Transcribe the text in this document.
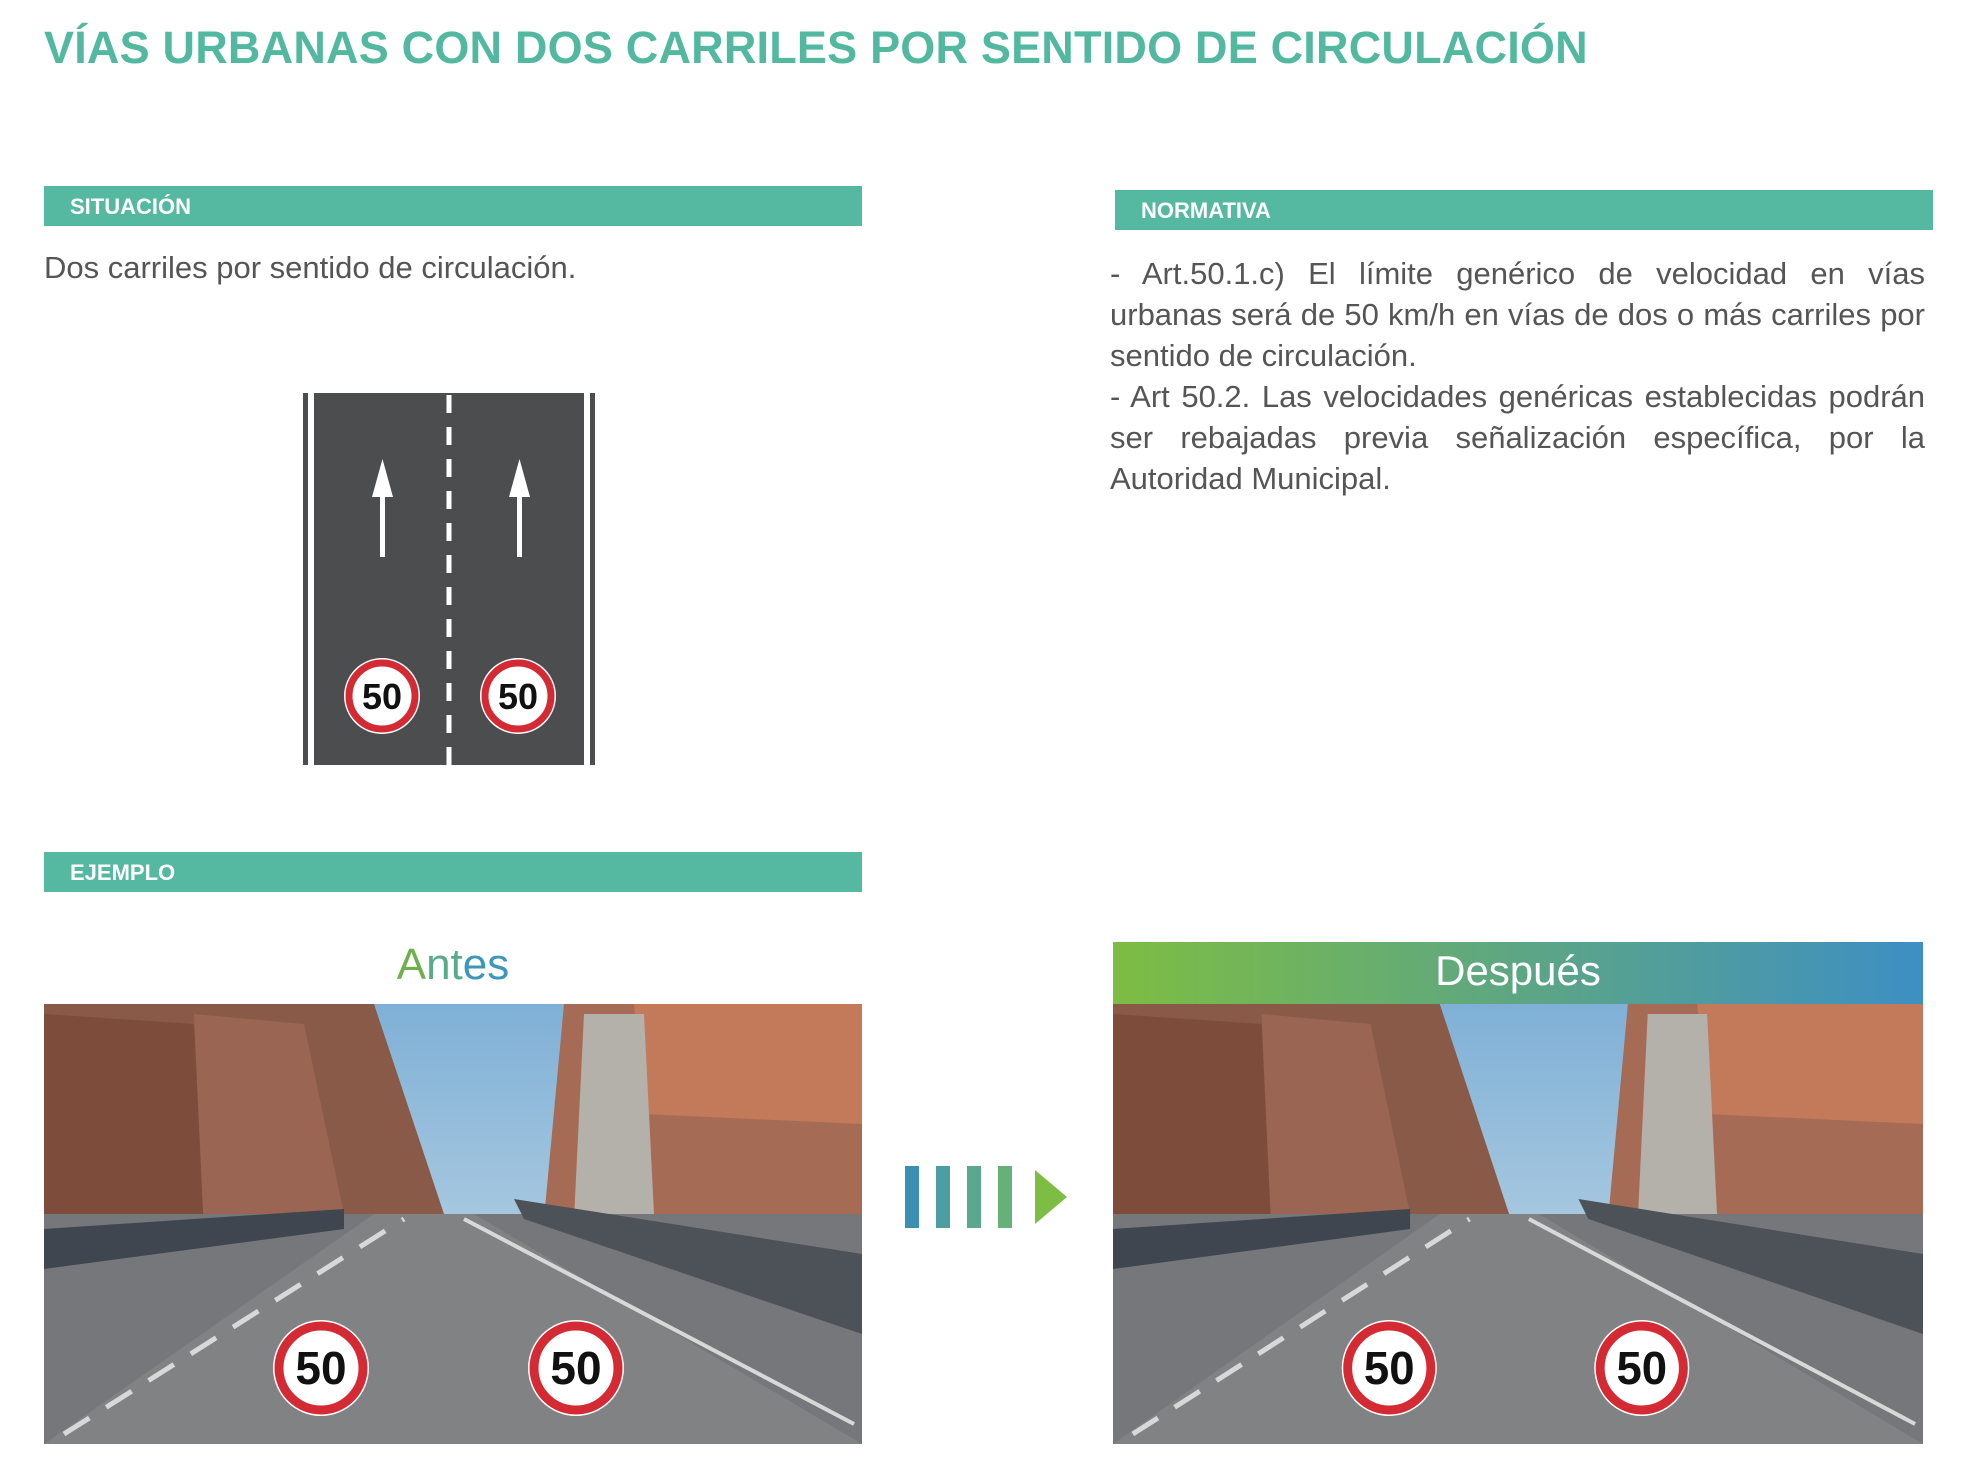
VÍAS URBANAS CON DOS CARRILES POR SENTIDO DE CIRCULACIÓN
SITUACIÓN
Dos carriles por sentido de circulación.
NORMATIVA

- Art.50.1.c) El límite genérico de velocidad en vías urbanas será de 50 km/h en vías de dos o más carriles por sentido de circulación.

- Art 50.2. Las velocidades genéricas establecidas podrán ser rebajadas previa señalización específica, por la Autoridad Municipal.

50	50
EJEMPLO
Antes	Después
50	50	50	50
